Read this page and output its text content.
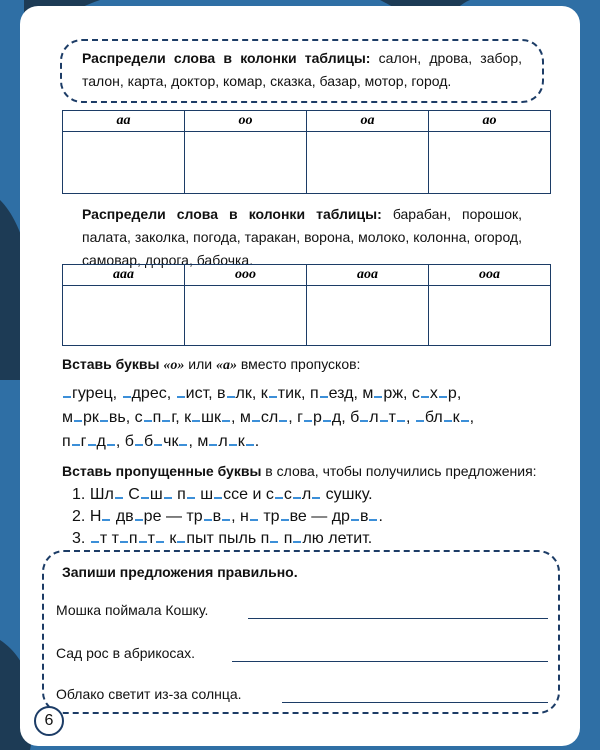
Распредели слова в колонки таблицы: салон, дрова, забор, талон, карта, доктор, комар, сказка, базар, мотор, город.
аа	оо	оа	ао

Распредели слова в колонки таблицы: барабан, порошок, палата, заколка, погода, таракан, ворона, молоко, колонна, огород, самовар, дорога, бабочка.
ааа	ооо	аоа	ооа

Вставь буквы «о» или «а» вместо пропусков:
гурец, дрес, ист, в лк, к тик, п езд, м рж, с х р,
м рк вь, с п г, к шк , м сл , г р д, б л т , бл к ,
п г д , б б чк , м л к .
Вставь пропущенные буквы в слова, чтобы получились предложения:
1. Шл С ш п ш ссе и с с л сушку.
2. Н дв ре — тр в , н тр ве — др в .
3. т т п т к пыт пыль п п лю летит.
Запиши предложения правильно.
Мошка поймала Кошку.
Сад рос в абрикосах.
Облако светит из-за солнца.
6
